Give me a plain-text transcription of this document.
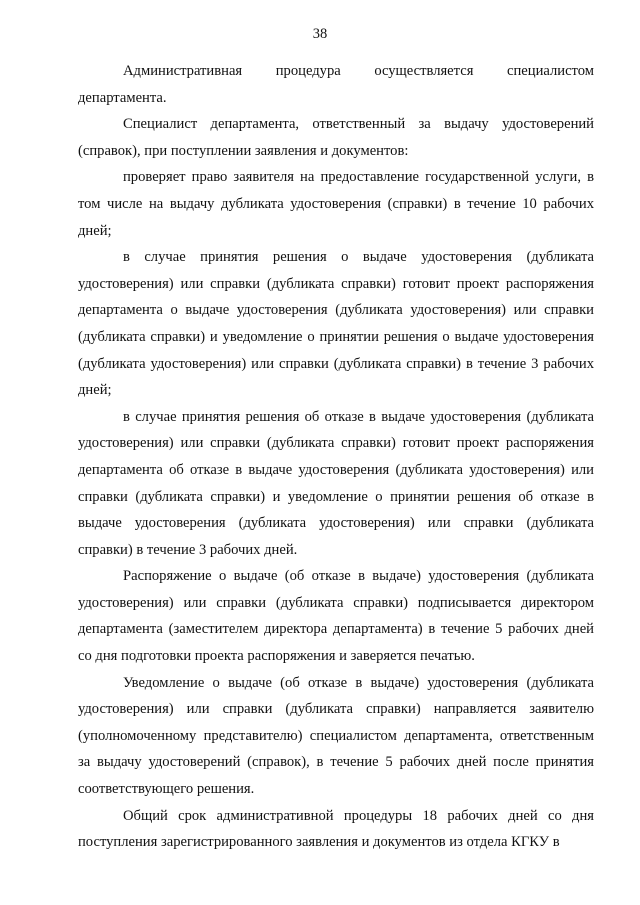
38

Административная процедура осуществляется специалистом департамента.

Специалист департамента, ответственный за выдачу удостоверений (справок), при поступлении заявления и документов:

проверяет право заявителя на предоставление государственной услуги, в том числе на выдачу дубликата удостоверения (справки) в течение 10 рабочих дней;

в случае принятия решения о выдаче удостоверения (дубликата удостоверения) или справки (дубликата справки) готовит проект распоряжения департамента о выдаче удостоверения (дубликата удостоверения) или справки (дубликата справки) и уведомление о принятии решения о выдаче удостоверения (дубликата удостоверения) или справки (дубликата справки) в течение 3 рабочих дней;

в случае принятия решения об отказе в выдаче удостоверения (дубликата удостоверения) или справки (дубликата справки) готовит проект распоряжения департамента об отказе в выдаче удостоверения (дубликата удостоверения) или справки (дубликата справки) и уведомление о принятии решения об отказе в выдаче удостоверения (дубликата удостоверения) или справки (дубликата справки) в течение 3 рабочих дней.

Распоряжение о выдаче (об отказе в выдаче) удостоверения (дубликата удостоверения) или справки (дубликата справки) подписывается директором департамента (заместителем директора департамента) в течение 5 рабочих дней со дня подготовки проекта распоряжения и заверяется печатью.

Уведомление о выдаче (об отказе в выдаче) удостоверения (дубликата удостоверения) или справки (дубликата справки) направляется заявителю (уполномоченному представителю) специалистом департамента, ответственным за выдачу удостоверений (справок), в течение 5 рабочих дней после принятия соответствующего решения.

Общий срок административной процедуры 18 рабочих дней со дня поступления зарегистрированного заявления и документов из отдела КГКУ в
